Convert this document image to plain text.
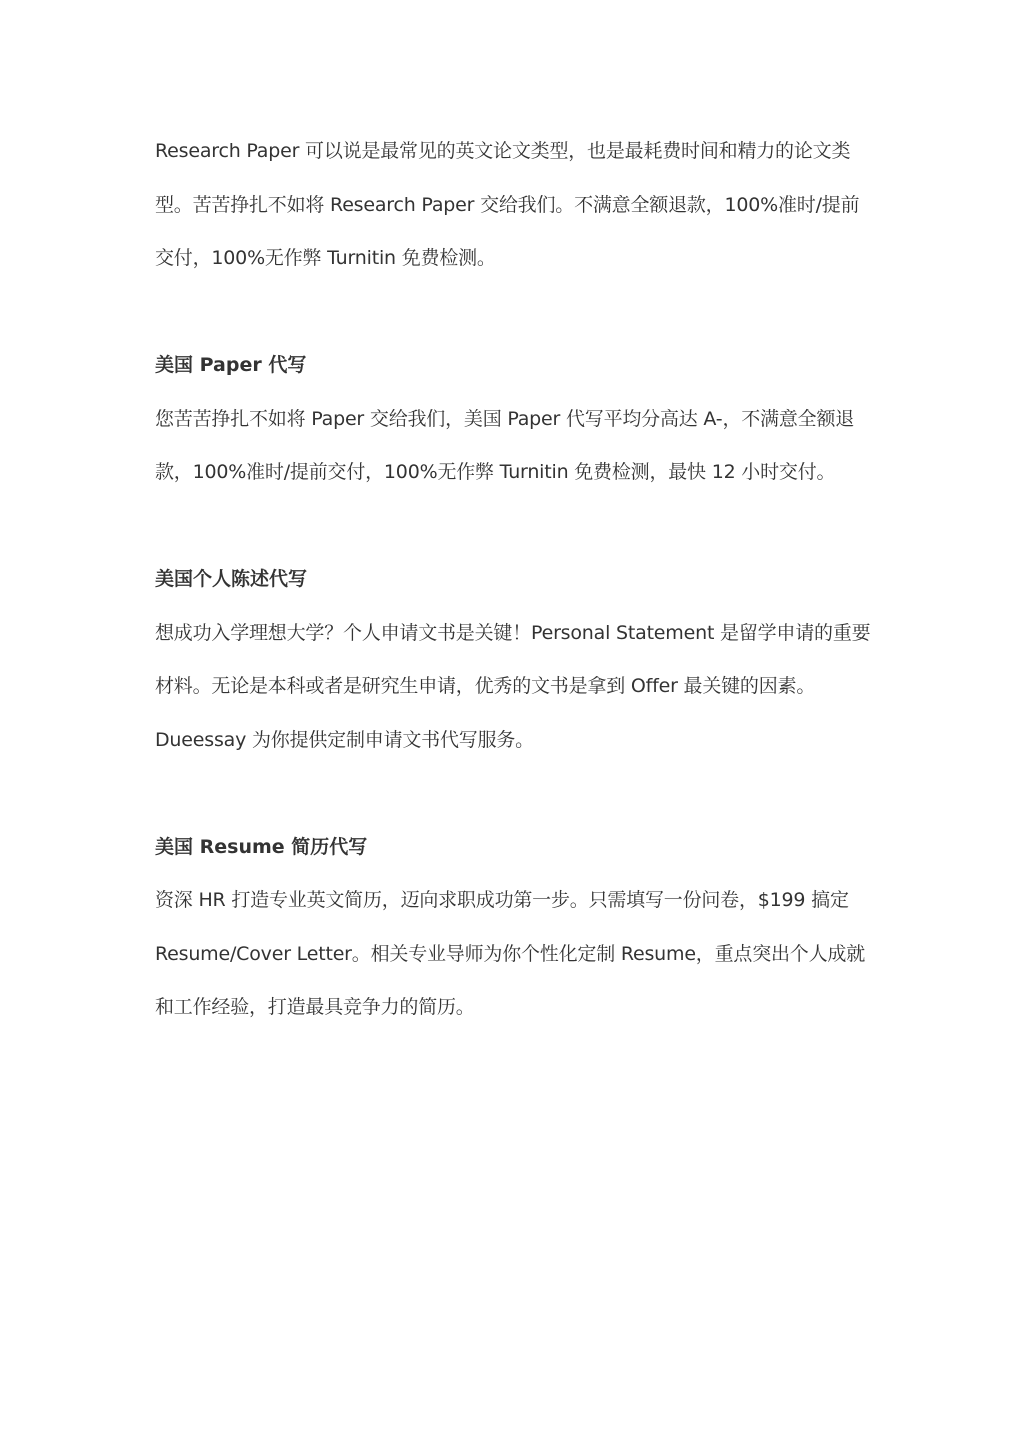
Research Paper 可以说是最常见的英文论文类型，也是最耗费时间和精力的论文类型。苦苦挣扎不如将 Research Paper 交给我们。不满意全额退款，100%准时/提前交付，100%无作弊 Turnitin 免费检测。

美国 Paper 代写

您苦苦挣扎不如将 Paper 交给我们，美国 Paper 代写平均分高达 A-，不满意全额退款，100%准时/提前交付，100%无作弊 Turnitin 免费检测，最快 12 小时交付。

美国个人陈述代写

想成功入学理想大学？个人申请文书是关键！Personal Statement 是留学申请的重要材料。无论是本科或者是研究生申请，优秀的文书是拿到 Offer 最关键的因素。Dueessay 为你提供定制申请文书代写服务。

美国 Resume 简历代写

资深 HR 打造专业英文简历，迈向求职成功第一步。只需填写一份问卷，$199 搞定 Resume/Cover Letter。相关专业导师为你个性化定制 Resume，重点突出个人成就和工作经验，打造最具竞争力的简历。
